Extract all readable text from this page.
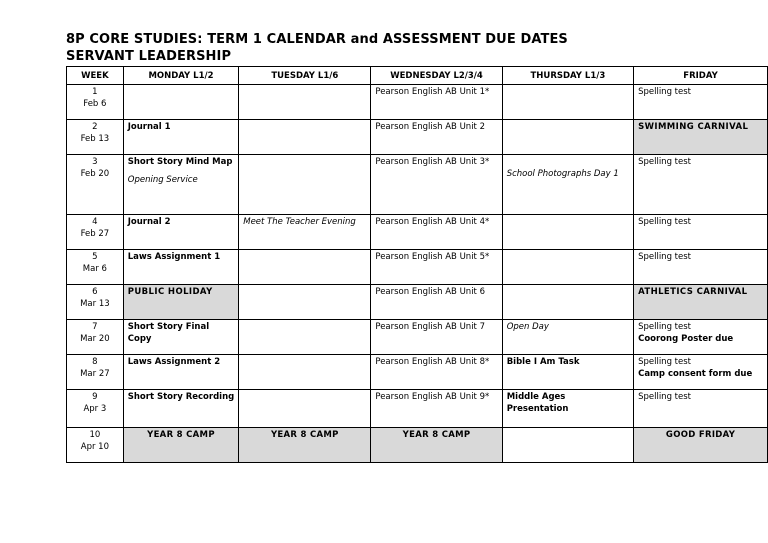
8P CORE STUDIES: TERM 1 CALENDAR and ASSESSMENT DUE DATES
SERVANT LEADERSHIP
WEEK	MONDAY L1/2	TUESDAY L1/6	WEDNESDAY L2/3/4	THURSDAY L1/3	FRIDAY

1
Feb 6			Pearson English AB Unit 1*		Spelling test

2
Feb 13	Journal 1		Pearson English AB Unit 2		SWIMMING CARNIVAL

3
Feb 20	Short Story Mind Map
Opening Service		Pearson English AB Unit 3*	School Photographs Day 1	Spelling test

4
Feb 27	Journal 2	Meet The Teacher Evening	Pearson English AB Unit 4*		Spelling test

5
Mar 6	Laws Assignment 1		Pearson English AB Unit 5*		Spelling test

6
Mar 13	PUBLIC HOLIDAY		Pearson English AB Unit 6		ATHLETICS CARNIVAL

7
Mar 20	Short Story Final Copy		Pearson English AB Unit 7	Open Day	Spelling test
Coorong Poster due

8
Mar 27	Laws Assignment 2		Pearson English AB Unit 8*	Bible I Am Task	Spelling test
Camp consent form due

9
Apr 3	Short Story Recording		Pearson English AB Unit 9*	Middle Ages Presentation	Spelling test

10
Apr 10	YEAR 8 CAMP	YEAR 8 CAMP	YEAR 8 CAMP		GOOD FRIDAY
